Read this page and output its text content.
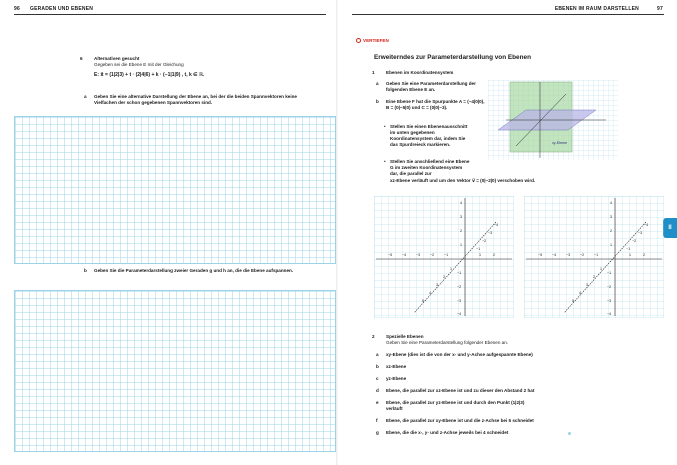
96 GERADEN UND EBENEN
6 Alternativen gesucht
Gegeben sei die Ebene E mit der Gleichung
E: x⃗ = (1|2|3) + t · (2|4|6) + k · (−1|1|9) , t, k ∈ ℝ.
a Geben Sie eine alternative Darstellung der Ebene an, bei der die beiden Spannvektoren keine Vielfachen der schon gegebenen Spannvektoren sind.
b Geben Sie die Parameterdarstellung zweier Geraden g und h an, die die Ebene aufspannen.
EBENEN IM RAUM DARSTELLEN	97
VERTIEFEN
Erweiterndes zur Parameterdarstellung von Ebenen
II
1 Ebenen im Koordinatensystem
a Geben Sie eine Parameterdarstellung der folgenden Ebene E an.
b Eine Ebene F hat die Spurpunkte A = (−4|0|0), B = (0|−5|0) und C = (0|0|−3).
• Stellen Sie einen Ebenenausschnitt im unten gegebenen Koordinatensystem dar, indem Sie das Spurdreieck markieren.
• Stellen Sie anschließend eine Ebene G im zweiten Koordinatensystem dar, die parallel zur
xz-Ebene verläuft und um den Vektor v⃗ = (0|−2|0) verschoben wird.
xy-Ebene
−5	−4	−3	−2	−1	1	2
1
2
3
4
−1
−2
−3
−4
1
2
3
4
5
−1
−2
−3
−4
−5	−4	−3	−2	−1	1	2
1
2
3
4
−1
−2
−3
−4
1
2
3
4
5
−1
−2
−3
−4
2 Spezielle Ebenen
Geben Sie eine Parameterdarstellung folgender Ebenen an.
a xy-Ebene (dies ist die von der x- und y-Achse aufgespannte Ebene)
b xz-Ebene
c yz-Ebene
d Ebene, die parallel zur xz-Ebene ist und zu dieser den Abstand 2 hat
e Ebene, die parallel zur yz-Ebene ist und durch den Punkt (1|2|3)
verläuft
f Ebene, die parallel zur xy-Ebene ist und die z-Achse bei 5 schneidet
g Ebene, die die x-, y- und z-Achse jeweils bei 4 schneidet
